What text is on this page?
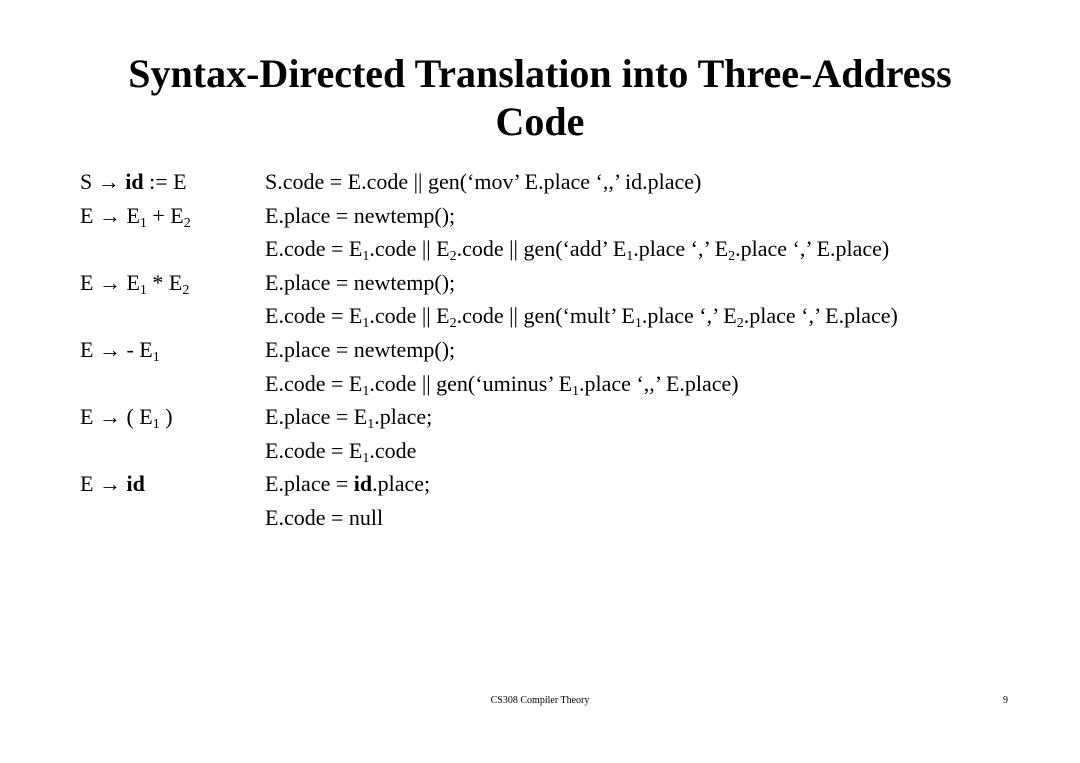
Syntax-Directed Translation into Three-Address
Code
S → id := E	S.code = E.code || gen(‘mov’ E.place ‘,,’ id.place)
$E \to E_1 + E_2$	E.place = newtemp();
E.code = $E_1.code$ || $E_2.code$ || gen(‘add’ $E_1.place$ ‘,’ $E_2.place$ ‘,’ E.place)
$E \to E_1 * E_2$	E.place = newtemp();
E.code = $E_1.code$ || $E_2.code$ || gen(‘mult’ $E_1.place$ ‘,’ $E_2.place$ ‘,’ E.place)
E → - $E_1$	E.place = newtemp();
E.code = $E_1.code$ || gen(‘uminus’ $E_1.place$ ‘,,’ E.place)
E → ( $E_1$ )	E.place = $E_1.place$;
E.code = $E_1.code$
E → id	E.place = id.place;
E.code = null
CS308 Compiler Theory	9
